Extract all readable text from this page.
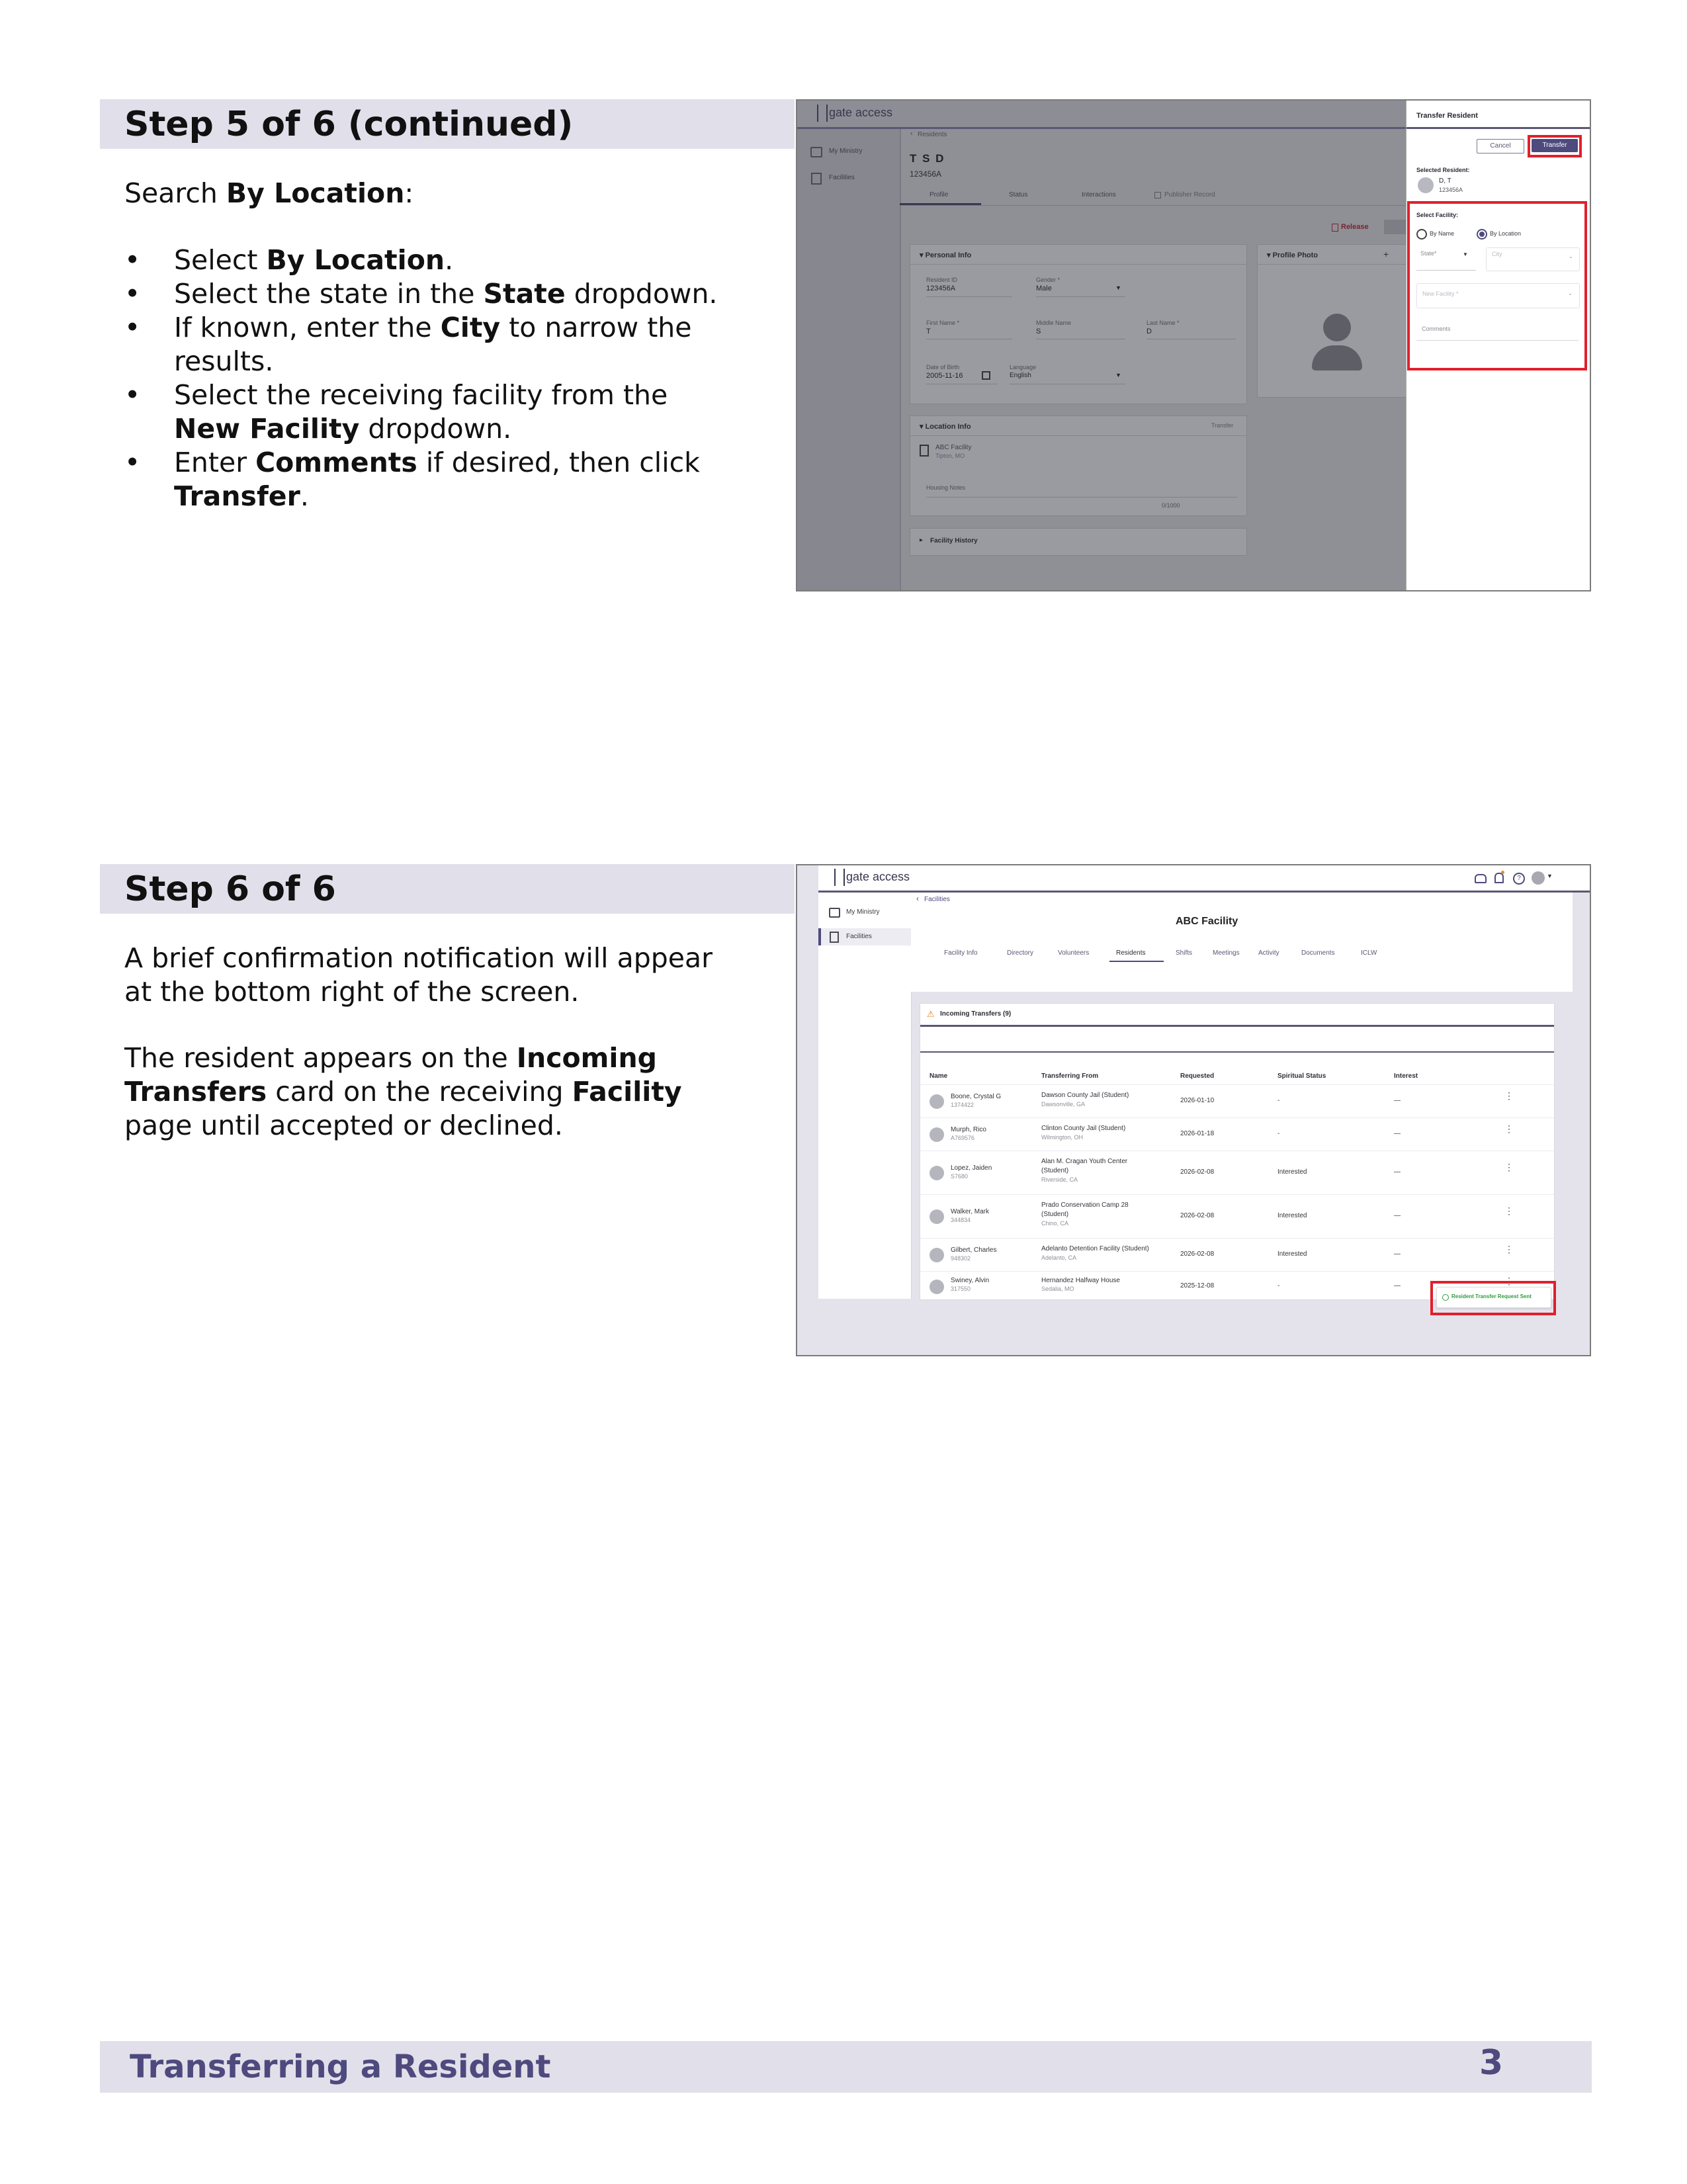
Step 5 of 6 (continued)
Search By Location:
• Select By Location.
• Select the state in the State dropdown.
• If known, enter the City to narrow the results.
• Select the receiving facility from the New Facility dropdown.
• Enter Comments if desired, then click Transfer.
gate access
My Ministry
Facilities
‹ Residents
T S D
123456A
Profile	Status	Interactions	Publisher Record
Release
▾ Personal Info
Resident ID
123456A
Gender *
Male	▼
First Name *
T
Middle Name
S
Last Name *
D
Date of Birth
2005-11-16
Language
English	▼
▾ Profile Photo	+
▾ Location Info	Transfer
ABC Facility
Tipton, MO
Housing Notes
0/1000
▸ Facility History
Transfer Resident
Cancel	Transfer
Selected Resident:
D, T
123456A
Select Facility:
By Name	By Location
State*	▼	City	⌄
New Facility *	⌄
Comments
Step 6 of 6
A brief confirmation notification will appear at the bottom right of the screen.
The resident appears on the Incoming Transfers card on the receiving Facility page until accepted or declined.
gate access	?	▼
My Ministry
Facilities
‹ Facilities
ABC Facility
Facility Info	Directory	Volunteers	Residents	Shifts	Meetings	Activity	Documents	ICLW
⚠ Incoming Transfers (9)
Name	Transferring From	Requested	Spiritual Status	Interest
Boone, Crystal G
1374422
Dawson County Jail (Student)
Dawsonville, GA	2026-01-10	-	—	⋮
Murph, Rico
A769576
Clinton County Jail (Student)
Wilmington, OH	2026-01-18	-	—	⋮
Lopez, Jaiden
S7680
Alan M. Cragan Youth Center
(Student)
Riverside, CA
2026-02-08	Interested	—	⋮
Walker, Mark
344834
Prado Conservation Camp 28
(Student)
Chino, CA
2026-02-08	Interested	—	⋮
Gilbert, Charles
948302
Adelanto Detention Facility (Student)
Adelanto, CA	2026-02-08	Interested	—	⋮
Swiney, Alvin
317550
Hernandez Halfway House
Sedalia, MO	2025-12-08	-	—	⋮
Resident Transfer Request Sent
Transferring a Resident	3
